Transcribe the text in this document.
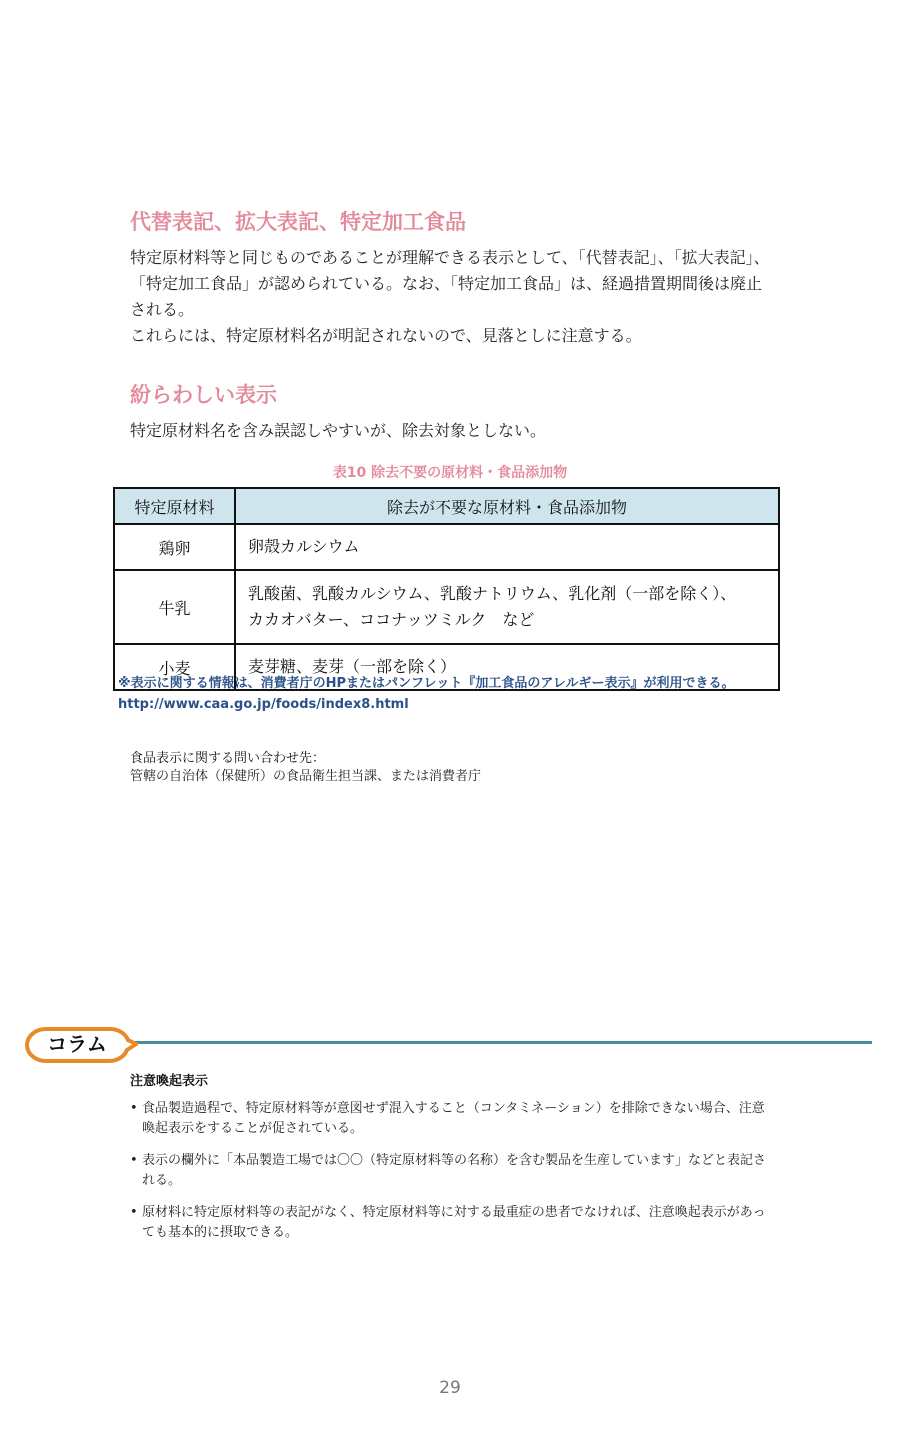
代替表記、拡大表記、特定加工食品

特定原材料等と同じものであることが理解できる表示として、「代替表記」、「拡大表記」、「特定加工食品」が認められている。なお、「特定加工食品」は、経過措置期間後は廃止される。

これらには、特定原材料名が明記されないので、見落としに注意する。

紛らわしい表示

特定原材料名を含み誤認しやすいが、除去対象としない。

表10 除去不要の原材料・食品添加物
特定原材料	除去が不要な原材料・食品添加物
鶏卵	卵殻カルシウム
牛乳	乳酸菌、乳酸カルシウム、乳酸ナトリウム、乳化剤（一部を除く）、
カカオバター、ココナッツミルク　など

小麦	麦芽糖、麦芽（一部を除く）
※表示に関する情報は、消費者庁のHPまたはパンフレット『加工食品のアレルギー表示』が利用できる。
http://www.caa.go.jp/foods/index8.html
食品表示に関する問い合わせ先：
管轄の自治体（保健所）の食品衛生担当課、または消費者庁
コラム
注意喚起表示
• 食品製造過程で、特定原材料等が意図せず混入すること（コンタミネーション）を排除できない場合、注意喚起表示をすることが促されている。
• 表示の欄外に「本品製造工場では〇〇（特定原材料等の名称）を含む製品を生産しています」などと表記される。
• 原材料に特定原材料等の表記がなく、特定原材料等に対する最重症の患者でなければ、注意喚起表示があっても基本的に摂取できる。
29
